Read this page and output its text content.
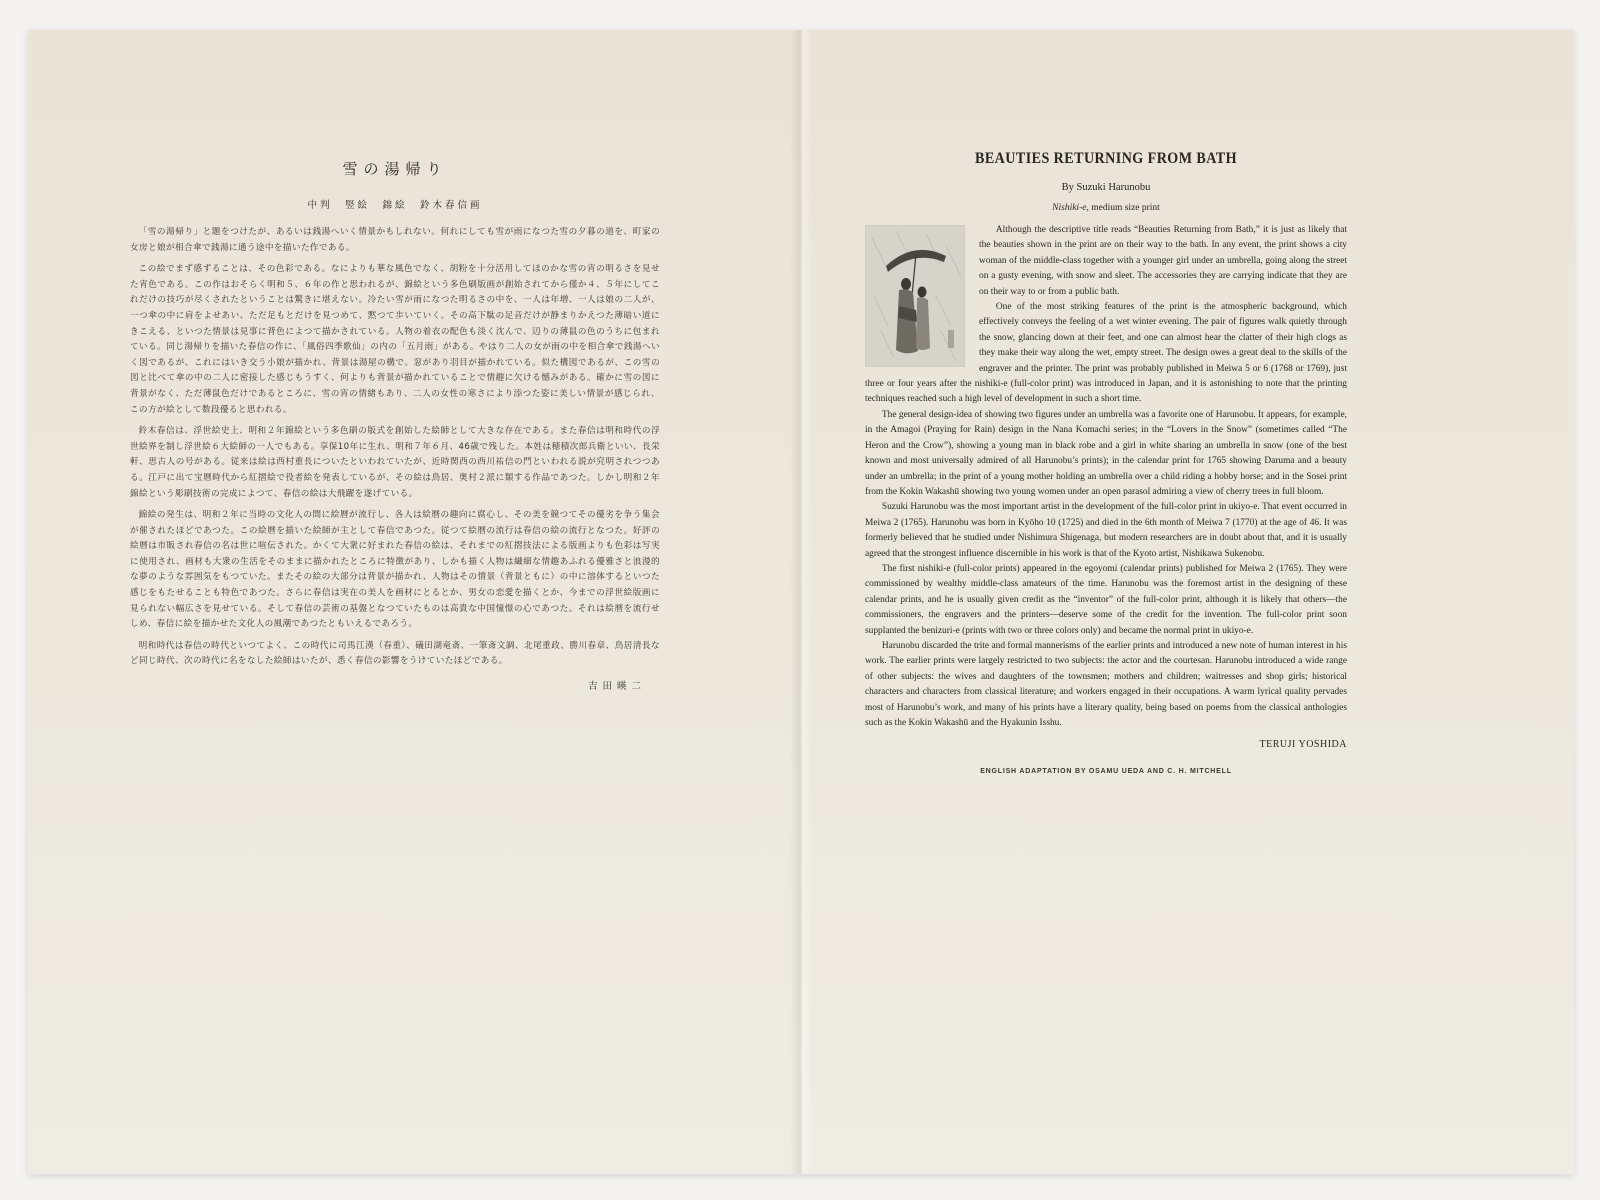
雪の湯帰り
中判　竪絵　錦絵　鈴木春信画

「雪の湯帰り」と題をつけたが、あるいは銭湯へいく情景かもしれない。何れにしても雪が雨になつた雪の夕暮の道を、町家の女房と娘が相合傘で銭湯に通う途中を描いた作である。

この絵でまず感ずることは、その色彩である。なによりも華な風色でなく、胡粉を十分活用してほのかな雪の宵の明るさを見せた宵色である。この作はおそらく明和５、６年の作と思われるが、錦絵という多色刷版画が創始されてから僅か４、５年にしてこれだけの技巧が尽くされたということは驚きに堪えない。冷たい雪が雨になつた明るさの中を、一人は年増、一人は娘の二人が、一つ傘の中に肩をよせあい、ただ足もとだけを見つめて、黙つて歩いていく。その高下駄の足音だけが静まりかえつた薄暗い道にきこえる、といつた情景は見事に背色によつて描かされている。人物の着衣の配色も淡く沈んで、辺りの薄鼠の色のうちに包まれている。同じ湯帰りを描いた春信の作に、「風俗四季歌仙」の内の「五月雨」がある。やはり二人の女が雨の中を相合傘で銭湯へいく図であるが、これにはいき交う小娘が描かれ、背景は湯屋の構で、窓があり羽目が描かれている。似た構図であるが、この雪の図と比べて傘の中の二人に密接した感じもうすく、何よりも背景が描かれていることで情趣に欠ける憾みがある。確かに雪の図に背景がなく、ただ薄鼠色だけであるところに、雪の宵の情緒もあり、二人の女性の寒さにより添つた姿に美しい情景が感じられ、この方が絵として数段優ると思われる。

鈴木春信は、浮世絵史上、明和２年錦絵という多色刷の版式を創始した絵師として大きな存在である。また春信は明和時代の浮世絵界を制し浮世絵６大絵師の一人でもある。享保10年に生れ、明和７年６月、46歳で残した。本姓は穂積次郎兵衛といい、長栄軒、思古人の号がある。従来は絵は西村重長についたといわれていたが、近時関西の西川祐信の門といわれる説が究明されつつある。江戸に出て宝暦時代から紅摺絵で役者絵を発表しているが、その絵は鳥居、奥村２派に類する作品であつた。しかし明和２年錦絵という彫刷技術の完成によつて、春信の絵は大飛躍を遂げている。

錦絵の発生は、明和２年に当時の文化人の間に絵暦が流行し、各人は絵暦の趣向に腐心し、その美を競つてその優劣を争う集会が催されたほどであつた。この絵暦を描いた絵師が主として春信であつた。従つて絵暦の流行は春信の絵の流行となつた。好評の絵暦は市販され春信の名は世に喧伝された。かくて大衆に好まれた春信の絵は、それまでの紅摺技法による版画よりも色彩は写実に使用され、画材も大衆の生活をそのままに描かれたところに特徴があり、しかも描く人物は繊細な情趣あふれる優雅さと浪漫的な夢のような雰囲気をもつていた。またその絵の大部分は背景が描かれ、人物はその情景（背景ともに）の中に溶体するといつた感じをもたせることも特色であつた。さらに春信は実在の美人を画材にとるとか、男女の恋愛を描くとか、今までの浮世絵版画に見られない幅広さを見せている。そして春信の芸術の基盤となつていたものは高貴な中国憧憬の心であつた。それは絵暦を流行せしめ、春信に絵を描かせた文化人の風潮であつたともいえるであろう。

明和時代は春信の時代といつてよく、この時代に司馬江漢（春重）、礒田湖竜斎、一筆斎文調、北尾重政、勝川春章、鳥居清長など同じ時代、次の時代に名をなした絵師はいたが、悉く春信の影響をうけていたほどである。

吉田暎二
BEAUTIES RETURNING FROM BATH
By Suzuki Harunobu
Nishiki-e, medium size print

Although the descriptive title reads “Beauties Returning from Bath,” it is just as likely that the beauties shown in the print are on their way to the bath. In any event, the print shows a city woman of the middle-class together with a younger girl under an umbrella, going along the street on a gusty evening, with snow and sleet. The accessories they are carrying indicate that they are on their way to or from a public bath.

One of the most striking features of the print is the atmospheric background, which effectively conveys the feeling of a wet winter evening. The pair of figures walk quietly through the snow, glancing down at their feet, and one can almost hear the clatter of their high clogs as they make their way along the wet, empty street. The design owes a great deal to the skills of the engraver and the printer. The print was probably published in Meiwa 5 or 6 (1768 or 1769), just three or four years after the nishiki-e (full-color print) was introduced in Japan, and it is astonishing to note that the printing techniques reached such a high level of development in such a short time.

The general design-idea of showing two figures under an umbrella was a favorite one of Harunobu. It appears, for example, in the Amagoi (Praying for Rain) design in the Nana Komachi series; in the “Lovers in the Snow” (sometimes called “The Heron and the Crow”), showing a young man in black robe and a girl in white sharing an umbrella in snow (one of the best known and most universally admired of all Harunobu’s prints); in the calendar print for 1765 showing Daruma and a beauty under an umbrella; in the print of a young mother holding an umbrella over a child riding a hobby horse; and in the Sosei print from the Kokin Wakashū showing two young women under an open parasol admiring a view of cherry trees in full bloom.

Suzuki Harunobu was the most important artist in the development of the full-color print in ukiyo-e. That event occurred in Meiwa 2 (1765). Harunobu was born in Kyōho 10 (1725) and died in the 6th month of Meiwa 7 (1770) at the age of 46. It was formerly believed that he studied under Nishimura Shigenaga, but modern researchers are in doubt about that, and it is usually agreed that the strongest influence discernible in his work is that of the Kyoto artist, Nishikawa Sukenobu.

The first nishiki-e (full-color prints) appeared in the egoyomi (calendar prints) published for Meiwa 2 (1765). They were commissioned by wealthy middle-class amateurs of the time. Harunobu was the foremost artist in the designing of these calendar prints, and he is usually given credit as the “inventor” of the full-color print, although it is likely that others—the commissioners, the engravers and the printers—deserve some of the credit for the invention. The full-color print soon supplanted the benizuri-e (prints with two or three colors only) and became the normal print in ukiyo-e.

Harunobu discarded the trite and formal mannerisms of the earlier prints and introduced a new note of human interest in his work. The earlier prints were largely restricted to two subjects: the actor and the courtesan. Harunobu introduced a wide range of other subjects: the wives and daughters of the townsmen; mothers and children; waitresses and shop girls; historical characters and characters from classical literature; and workers engaged in their occupations. A warm lyrical quality pervades most of Harunobu’s work, and many of his prints have a literary quality, being based on poems from the classical anthologies such as the Kokin Wakashū and the Hyakunin Isshu.

TERUJI YOSHIDA
ENGLISH ADAPTATION BY OSAMU UEDA AND C. H. MITCHELL
